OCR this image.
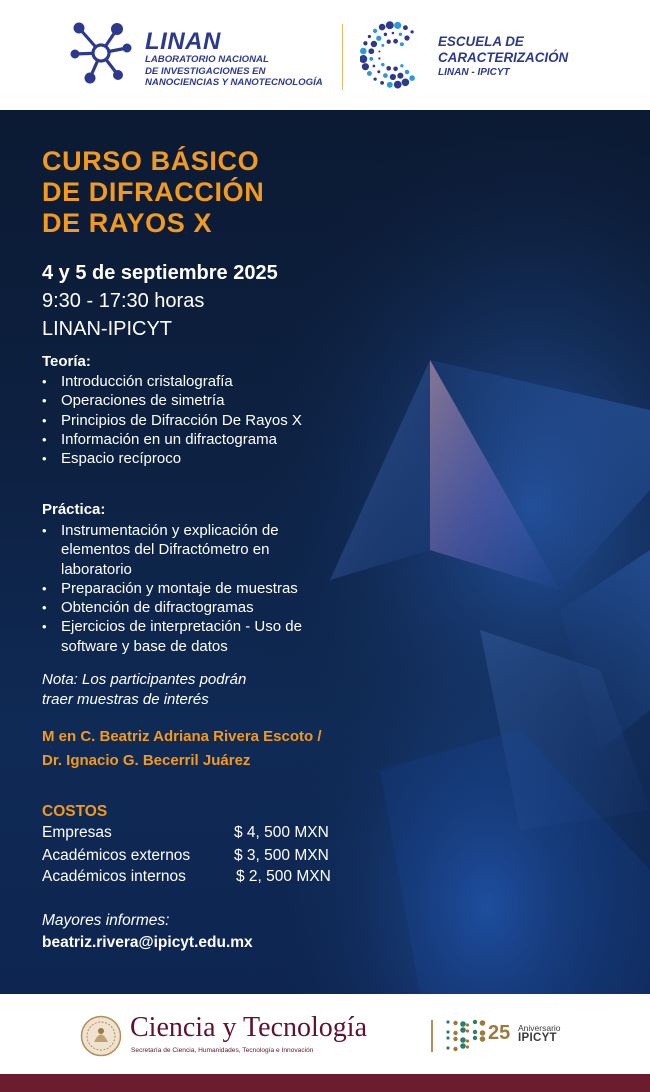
LINAN
LABORATORIO NACIONAL
DE INVESTIGACIONES EN
NANOCIENCIAS Y NANOTECNOLOGÍA
ESCUELA DE
CARACTERIZACIÓN
LINAN - IPICYT
CURSO BÁSICO
DE DIFRACCIÓN
DE RAYOS X
4 y 5 de septiembre 2025
9:30 - 17:30 horas
LINAN-IPICYT
Teoría:
• Introducción cristalografía
• Operaciones de simetría
• Principios de Difracción De Rayos X
• Información en un difractograma
• Espacio recíproco
Práctica:
• Instrumentación y explicación de elementos del Difractómetro en laboratorio
• Preparación y montaje de muestras
• Obtención de difractogramas
• Ejercicios de interpretación - Uso de software y base de datos
Nota: Los participantes podrán
traer muestras de interés
M en C. Beatriz Adriana Rivera Escoto /
Dr. Ignacio G. Becerril Juárez
COSTOS
Empresas	$ 4, 500 MXN
Académicos externos	$ 3, 500 MXN
Académicos internos	$ 2, 500 MXN
Mayores informes:
beatriz.rivera@ipicyt.edu.mx
Ciencia y Tecnología
Secretaría de Ciencia, Humanidades, Tecnología e Innovación
25 Aniversario
IPICYT
